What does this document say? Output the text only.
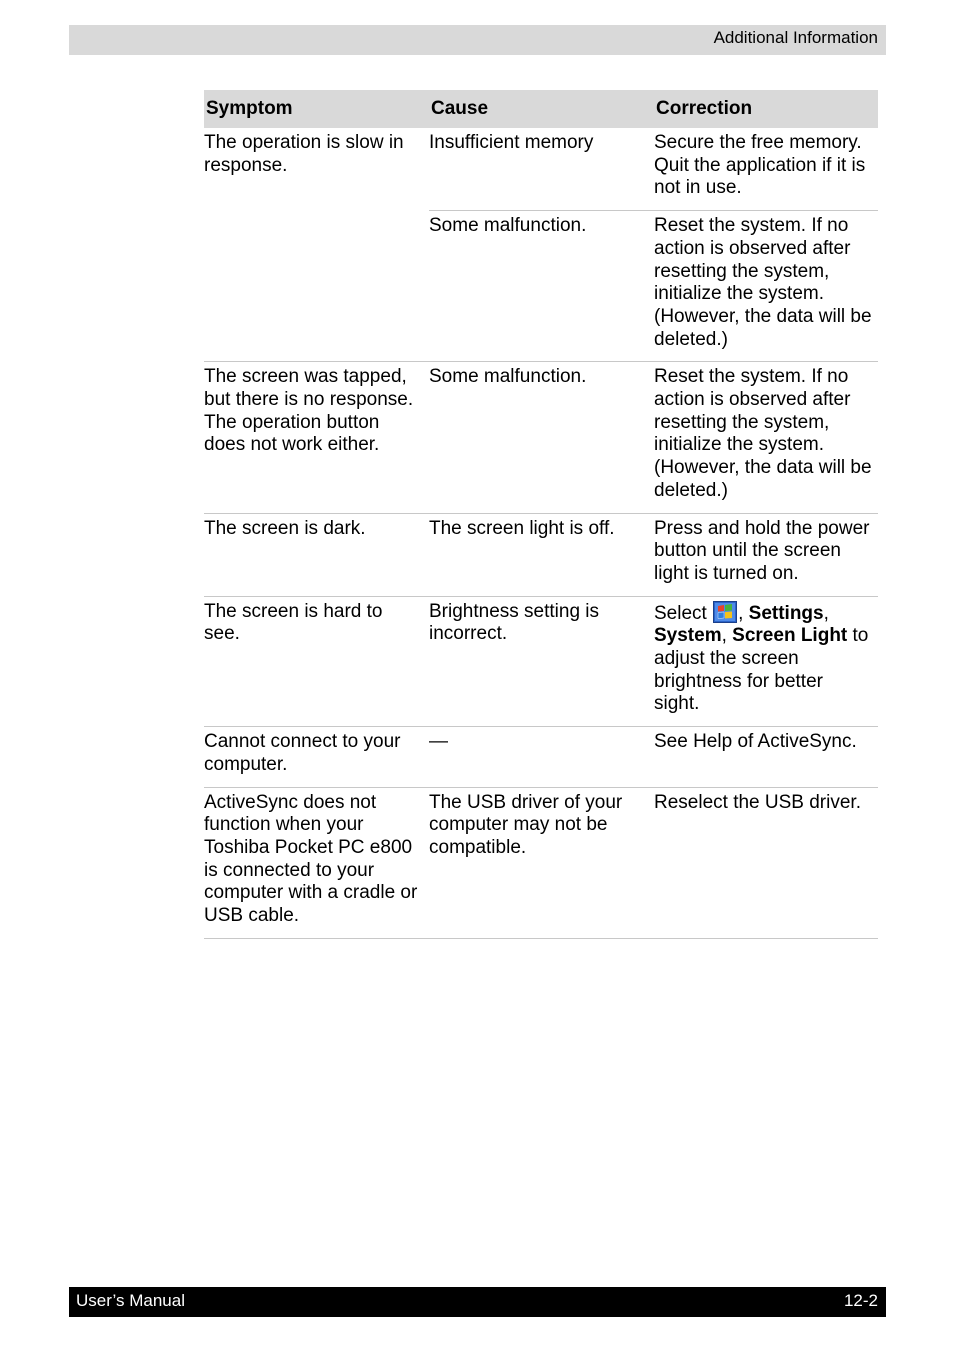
Additional Information
Symptom	Cause	Correction
The operation is slow in response.	Insufficient memory	Secure the free memory. Quit the application if it is not in use.
	Some malfunction.	Reset the system. If no action is observed after resetting the system, initialize the system. (However, the data will be deleted.)
The screen was tapped, but there is no response. The operation button does not work either.	Some malfunction.	Reset the system. If no action is observed after resetting the system, initialize the system. (However, the data will be deleted.)
The screen is dark.	The screen light is off.	Press and hold the power button until the screen light is turned on.
The screen is hard to see.	Brightness setting is incorrect.	Select , Settings, System, Screen Light to adjust the screen brightness for better sight.
Cannot connect to your computer.	—	See Help of ActiveSync.
ActiveSync does not function when your Toshiba Pocket PC e800 is connected to your computer with a cradle or USB cable.	The USB driver of your computer may not be compatible.	Reselect the USB driver.
User’s Manual	12-2
